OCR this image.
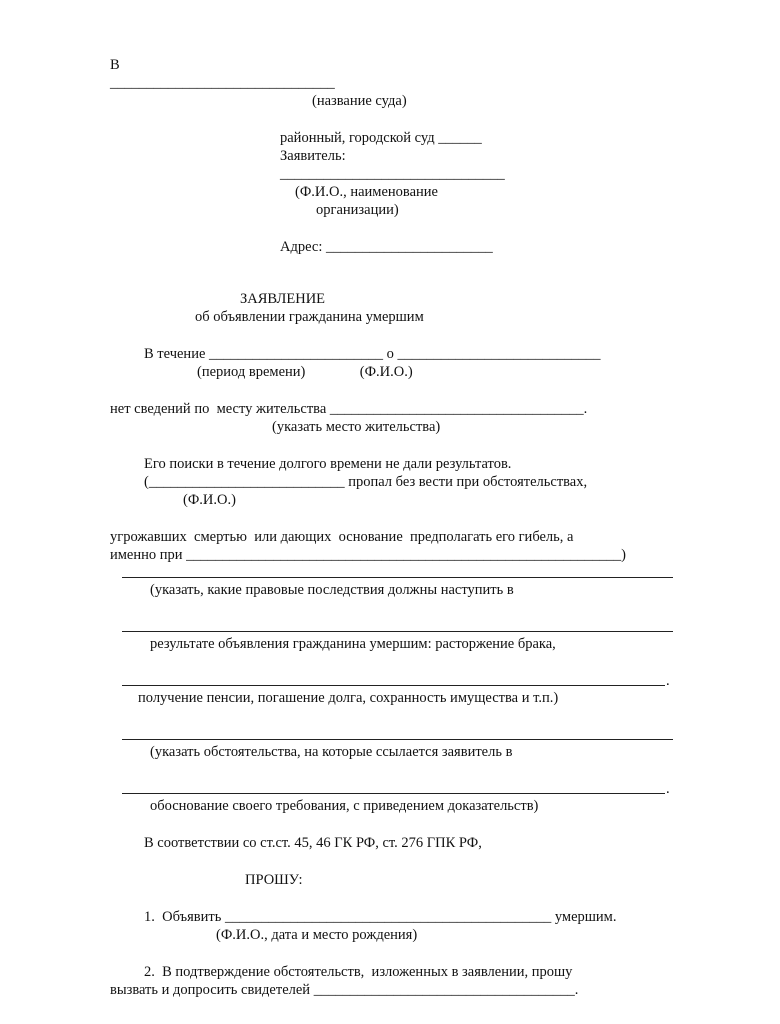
В
_______________________________
(название суда)
районный, городской суд ______
Заявитель:
_______________________________
(Ф.И.О., наименование
организации)
Адрес: _______________________
ЗАЯВЛЕНИЕ
об объявлении гражданина умершим
В течение ________________________ о ____________________________
(период времени)               (Ф.И.О.)
нет сведений по  месту жительства ___________________________________.
(указать место жительства)
Его поиски в течение долгого времени не дали результатов.
(___________________________ пропал без вести при обстоятельствах,
(Ф.И.О.)
угрожавших  смертью  или дающих  основание  предполагать его гибель, а
именно при ____________________________________________________________)
(указать, какие правовые последствия должны наступить в
результате объявления гражданина умершим: расторжение брака,
.
получение пенсии, погашение долга, сохранность имущества и т.п.)
(указать обстоятельства, на которые ссылается заявитель в
.
обоснование своего требования, с приведением доказательств)
В соответствии со ст.ст. 45, 46 ГК РФ, ст. 276 ГПК РФ,
ПРОШУ:
1.  Объявить _____________________________________________ умершим.
(Ф.И.О., дата и место рождения)
2.  В подтверждение обстоятельств,  изложенных в заявлении, прошу
вызвать и допросить свидетелей ____________________________________.
